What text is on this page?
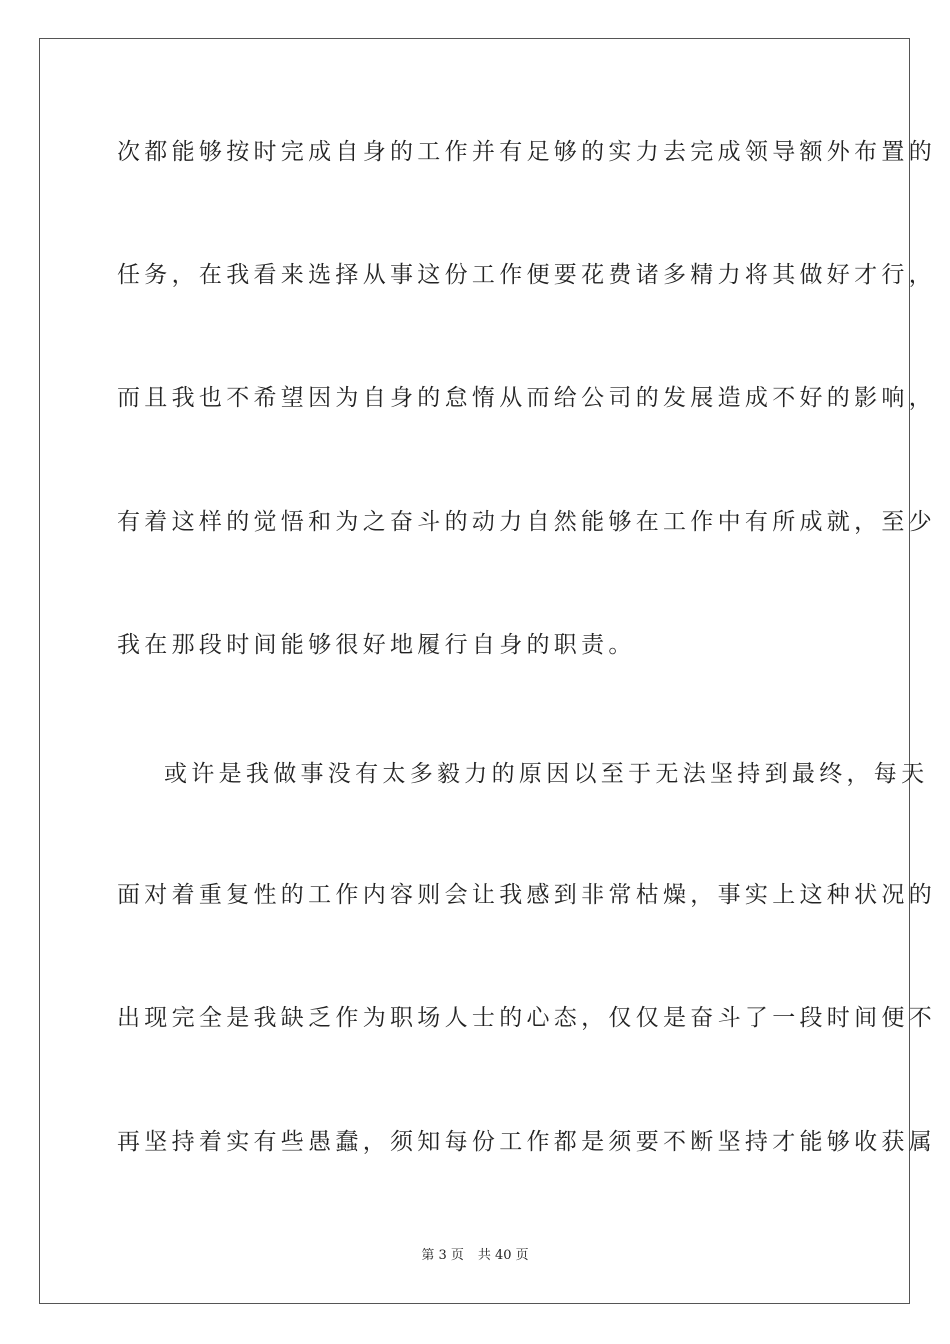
次都能够按时完成自身的工作并有足够的实力去完成领导额外布置的
任务，在我看来选择从事这份工作便要花费诸多精力将其做好才行，
而且我也不希望因为自身的怠惰从而给公司的发展造成不好的影响，
有着这样的觉悟和为之奋斗的动力自然能够在工作中有所成就，至少
我在那段时间能够很好地履行自身的职责。
或许是我做事没有太多毅力的原因以至于无法坚持到最终，每天
面对着重复性的工作内容则会让我感到非常枯燥，事实上这种状况的
出现完全是我缺乏作为职场人士的心态，仅仅是奋斗了一段时间便不
再坚持着实有些愚蠢，须知每份工作都是须要不断坚持才能够收获属
第 3 页 共 40 页
